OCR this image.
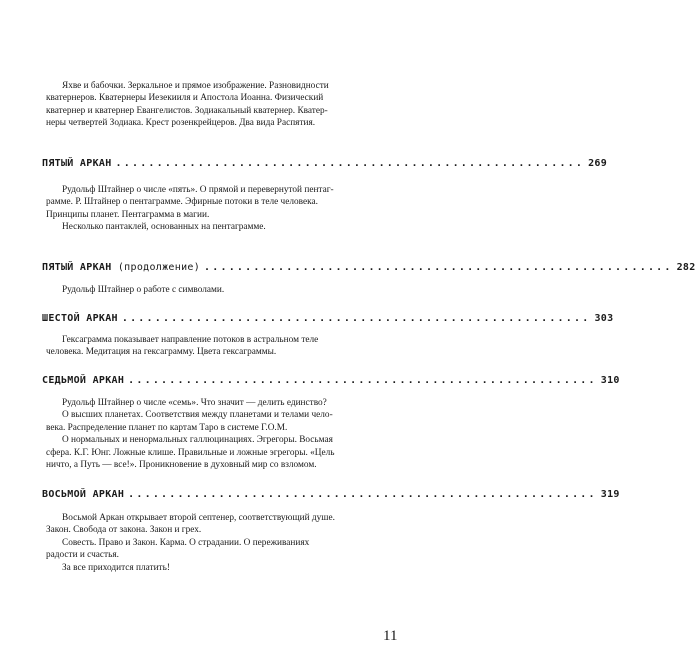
Яхве и бабочки. Зеркальное и прямое изображение. Разновидности
кватернеров. Кватернеры Иезекииля и Апостола Иоанна. Физический
кватернер и кватернер Евангелистов. Зодиакальный кватернер. Кватер-
неры четвертей Зодиака. Крест розенкрейцеров. Два вида Распятия.
ПЯТЫЙ АРКАН ......................................................... 269
Рудольф Штайнер о числе «пять». О прямой и перевернутой пентаг-
рамме. Р. Штайнер о пентаграмме. Эфирные потоки в теле человека.
Принципы планет. Пентаграмма в магии.
Несколько пантаклей, основанных на пентаграмме.
ПЯТЫЙ АРКАН (продолжение) ......................................................... 282
Рудольф Штайнер о работе с символами.
ШЕСТОЙ АРКАН ......................................................... 303
Гексаграмма показывает направление потоков в астральном теле
человека. Медитация на гексаграмму. Цвета гексаграммы.
СЕДЬМОЙ АРКАН ......................................................... 310
Рудольф Штайнер о числе «семь». Что значит — делить единство?
О высших планетах. Соответствия между планетами и телами чело-
века. Распределение планет по картам Таро в системе Г.О.М.
О нормальных и ненормальных галлюцинациях. Эгрегоры. Восьмая
сфера. К.Г. Юнг. Ложные клише. Правильные и ложные эгрегоры. «Цель
ничто, а Путь — все!». Проникновение в духовный мир со взломом.
ВОСЬМОЙ АРКАН ......................................................... 319
Восьмой Аркан открывает второй септенер, соответствующий душе.
Закон. Свобода от закона. Закон и грех.
Совесть. Право и Закон. Карма. О страдании. О переживаниях
радости и счастья.
За все приходится платить!
11
